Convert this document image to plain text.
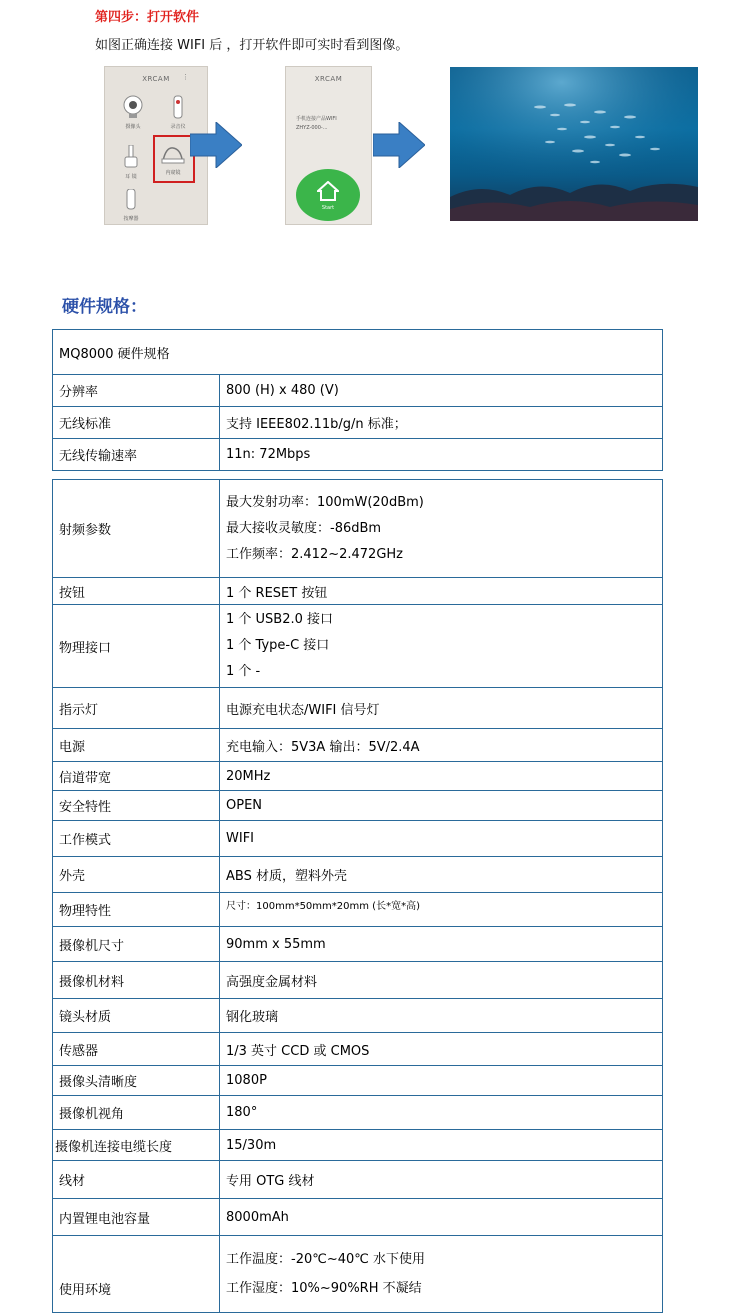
第四步：打开软件
如图正确连接 WIFI 后 ，打开软件即可实时看到图像。
XRCAM	⋮
摄像头	录音仪
耳 镜
内窥镜
按摩器
XRCAM
手机连接产品WIFI
ZHYZ-000-...
Start
硬件规格：
MQ8000 硬件规格	
分辨率	800 (H) x 480 (V)
无线标准	支持 IEEE802.11b/g/n 标准；
无线传输速率	11n: 72Mbps
射频参数	最大发射功率：100mW(20dBm)
最大接收灵敏度：-86dBm
工作频率：2.412~2.472GHz

按钮	1 个 RESET 按钮
物理接口	1 个 USB2.0 接口
1 个 Type-C 接口
1 个 -

指示灯	电源充电状态/WIFI 信号灯
电源	充电输入：5V3A 输出：5V/2.4A
信道带宽	20MHz
安全特性	OPEN
工作模式	WIFI
外壳	ABS 材质，塑料外壳
物理特性	尺寸：100mm*50mm*20mm (长*宽*高)
摄像机尺寸	90mm x 55mm
摄像机材料	高强度金属材料
镜头材质	钢化玻璃
传感器	1/3 英寸 CCD 或 CMOS
摄像头清晰度	1080P
摄像机视角	180°
摄像机连接电缆长度	15/30m
线材	专用 OTG 线材
内置锂电池容量	8000mAh
使用环境	工作温度：-20℃~40℃ 水下使用
工作湿度：10%~90%RH 不凝结
